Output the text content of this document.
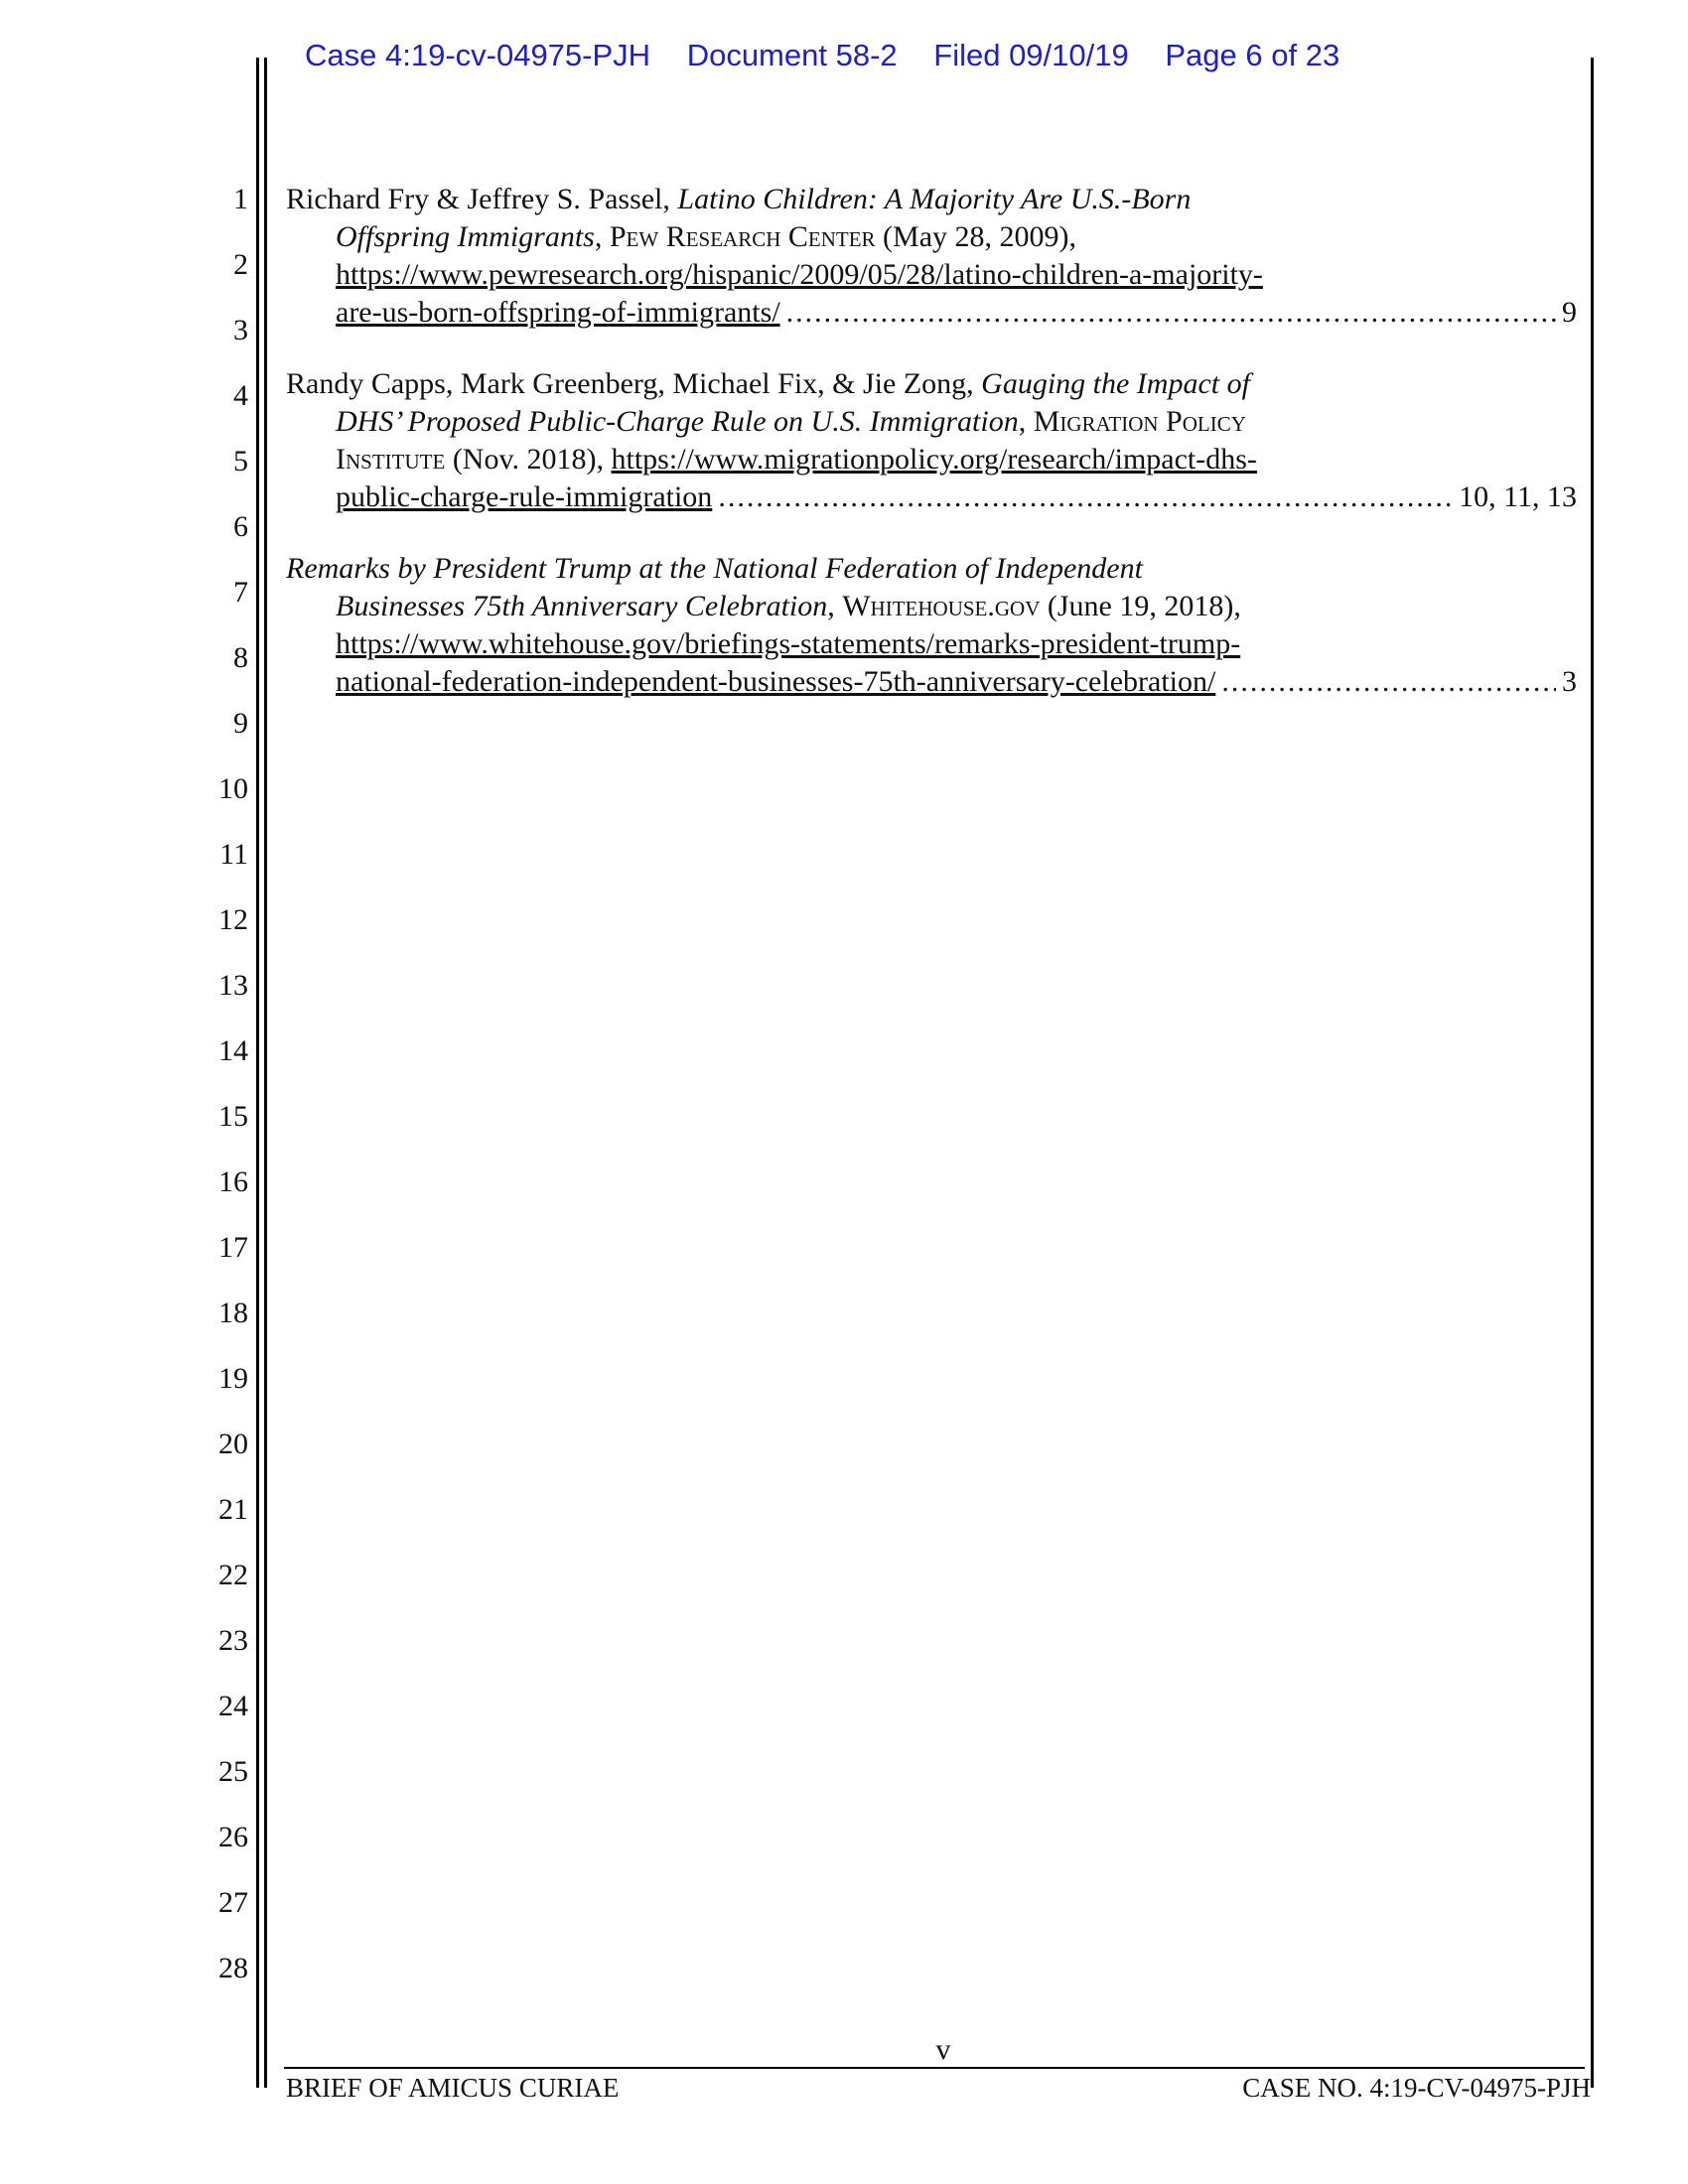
Case 4:19-cv-04975-PJH Document 58-2 Filed 09/10/19 Page 6 of 23
1
2
3
4
5
6
7
8
9
10
11
12
13
14
15
16
17
18
19
20
21
22
23
24
25
26
27
28
Richard Fry & Jeffrey S. Passel, Latino Children: A Majority Are U.S.-Born
Offspring Immigrants, Pew Research Center (May 28, 2009),
https://www.pewresearch.org/hispanic/2009/05/28/latino-children-a-majority-
are-us-born-offspring-of-immigrants/ .....	9
Randy Capps, Mark Greenberg, Michael Fix, & Jie Zong, Gauging the Impact of
DHS’ Proposed Public-Charge Rule on U.S. Immigration, Migration Policy
Institute (Nov. 2018), https://www.migrationpolicy.org/research/impact-dhs-
public-charge-rule-immigration .....	10, 11, 13
Remarks by President Trump at the National Federation of Independent
Businesses 75th Anniversary Celebration, Whitehouse.gov (June 19, 2018),
https://www.whitehouse.gov/briefings-statements/remarks-president-trump-
national-federation-independent-businesses-75th-anniversary-celebration/ .....	3
v
BRIEF OF AMICUS CURIAE	CASE NO. 4:19-CV-04975-PJH
